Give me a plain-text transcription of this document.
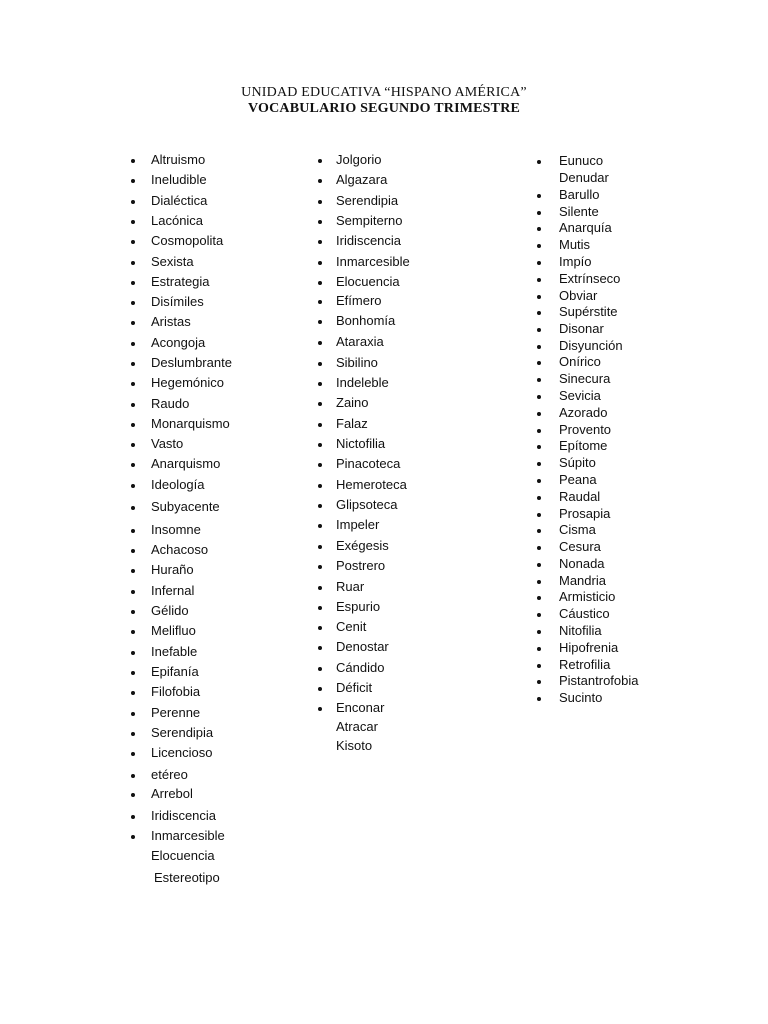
UNIDAD EDUCATIVA “HISPANO AMÉRICA”
VOCABULARIO SEGUNDO TRIMESTRE
Altruismo
Ineludible
Dialéctica
Lacónica
Cosmopolita
Sexista
Estrategia
Disímiles
Aristas
Acongoja
Deslumbrante
Hegemónico
Raudo
Monarquismo
Vasto
Anarquismo
Ideología
Subyacente
Insomne
Achacoso
Huraño
Infernal
Gélido
Melifluo
Inefable
Epifanía
Filofobia
Perenne
Serendipia
Licencioso
etéreo
Arrebol
Iridiscencia
Inmarcesible
Elocuencia
Estereotipo
Jolgorio
Algazara
Serendipia
Sempiterno
Iridiscencia
Inmarcesible
Elocuencia
Efímero
Bonhomía
Ataraxia
Sibilino
Indeleble
Zaino
Falaz
Nictofilia
Pinacoteca
Hemeroteca
Glipsoteca
Impeler
Exégesis
Postrero
Ruar
Espurio
Cenit
Denostar
Cándido
Déficit
Enconar
Atracar
Kisoto
Eunuco
Denudar
Barullo
Silente
Anarquía
Mutis
Impío
Extrínseco
Obviar
Supérstite
Disonar
Disyunción
Onírico
Sinecura
Sevicia
Azorado
Provento
Epítome
Súpito
Peana
Raudal
Prosapia
Cisma
Cesura
Nonada
Mandria
Armisticio
Cáustico
Nitofilia
Hipofrenia
Retrofilia
Pistantrofobia
Sucinto
